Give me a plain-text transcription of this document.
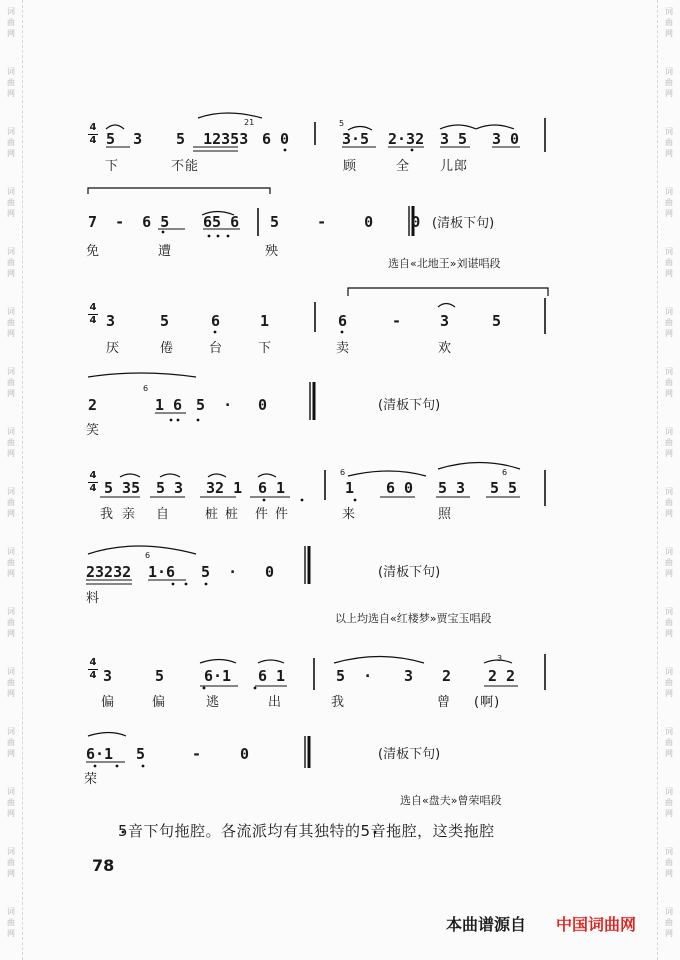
词
曲
网
词
曲
网
词
曲
网
词
曲
网
词
曲
网
词
曲
网
词
曲
网
词
曲
网
词
曲
网
词
曲
网
词
曲
网
词
曲
网
词
曲
网
词
曲
网
词
曲
网
词
曲
网
词
曲
网
词
曲
网
词
曲
网
词
曲
网
词
曲
网
词
曲
网
词
曲
网
词
曲
网
词
曲
网
词
曲
网
词
曲
网
词
曲
网
词
曲
网
词
曲
网
词
曲
网
词
曲
网
4
4
4
4
4
4
4
4
5  3 5  12353 6 0
21
3·5
5
2·32 3 5 3 0
下	不能	顾	全 儿郎
7  -  6 5 65 6 5  -  0  0
免	遭	殃
(清板下句)
选自«北地王»刘谌唱段
3	5	6	1	6	-	3	5
厌	倦	台	下	卖	欢
2
6
1 6 5  · 0
笑
(清板下句)
5 35 5 3 32 1 6 1
6
1 6 0 5 3
6
5 5
我 亲 自	桩 桩 件 件	来	照
23232
6
1·6 5  · 0
料
(清板下句)
以上均选自«红楼梦»贾宝玉唱段
3	5	6·1 6 1	5  · 3 2
3
2 2
偏	偏	逃	出	我	曾 (啊)
6·1 5	-	0
荣
(清板下句)
选自«盘夫»曾荣唱段
5音下句拖腔。各流派均有其独特的5音拖腔，这类拖腔
78
本曲谱源自 中国词曲网
